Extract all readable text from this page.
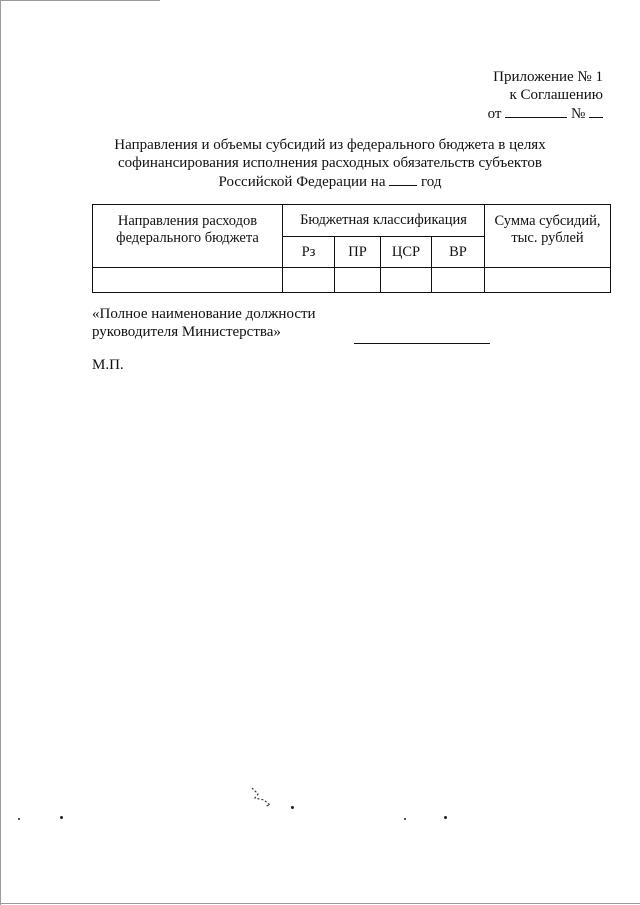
Приложение № 1
к Соглашению
от	№
Направления и объемы субсидий из федерального бюджета в целях
софинансирования исполнения расходных обязательств субъектов
Российской Федерации на год
Направления расходов
федерального бюджета	Бюджетная классификация				Сумма субсидий,
тыс. рублей
	Рз	ПР	ЦСР	ВР	

«Полное наименование должности
руководителя Министерства»
М.П.
